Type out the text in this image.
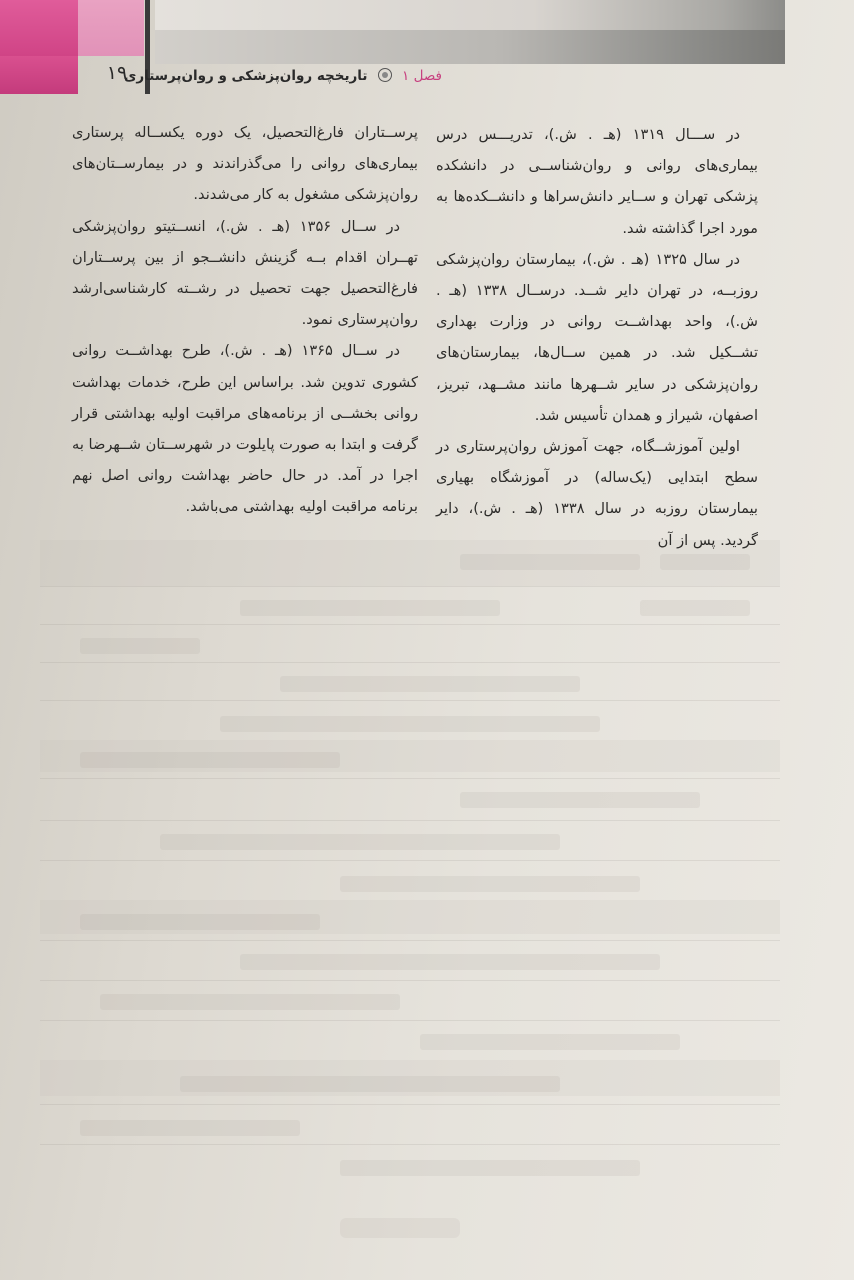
۱۹	فصل ۱  تاریخچه روان‌پزشکی و روان‌پرستاری

در ســـال ۱۳۱۹ (هـ . ش.)، تدریـــس درس بیماری‌های روانی و روان‌شناســی در دانشکده پزشکی تهران و ســایر دانش‌سراها و دانشــکده‌ها به مورد اجرا گذاشته شد.

در سال ۱۳۲۵ (هـ . ش.)، بیمارستان روان‌پزشکی روزبــه، در تهران دایر شــد. درســال ۱۳۳۸ (هـ . ش.)، واحد بهداشــت روانی در وزارت بهداری تشــکیل شد. در همین ســال‌ها، بیمارستان‌های روان‌پزشکی در سایر شــهرها مانند مشــهد، تبریز، اصفهان، شیراز و همدان تأسیس شد.

اولین آموزشــگاه، جهت آموزش روان‌پرستاری در سطح ابتدایی (یک‌ساله) در آموزشگاه بهیاری بیمارستان روزبه در سال ۱۳۳۸ (هـ . ش.)، دایر گردید. پس از آن

پرســتاران فارغ‌التحصیل، یک دوره یکســاله پرستاری بیماری‌های روانی را می‌گذراندند و در بیمارســتان‌های روان‌پزشکی مشغول به کار می‌شدند.

در ســال ۱۳۵۶ (هـ . ش.)، انســتیتو روان‌پزشکی تهــران اقدام بــه گزینش دانشــجو از بین پرســتاران فارغ‌التحصیل جهت تحصیل در رشــته کارشناسی‌ارشد روان‌پرستاری نمود.

در ســال ۱۳۶۵ (هـ . ش.)، طرح بهداشــت روانی کشوری تدوین شد. براساس این طرح، خدمات بهداشت روانی بخشــی از برنامه‌های مراقبت اولیه بهداشتی قرار گرفت و ابتدا به صورت پایلوت در شهرســتان شــهرضا به اجرا در آمد. در حال حاضر بهداشت روانی اصل نهم برنامه مراقبت اولیه بهداشتی می‌باشد.
